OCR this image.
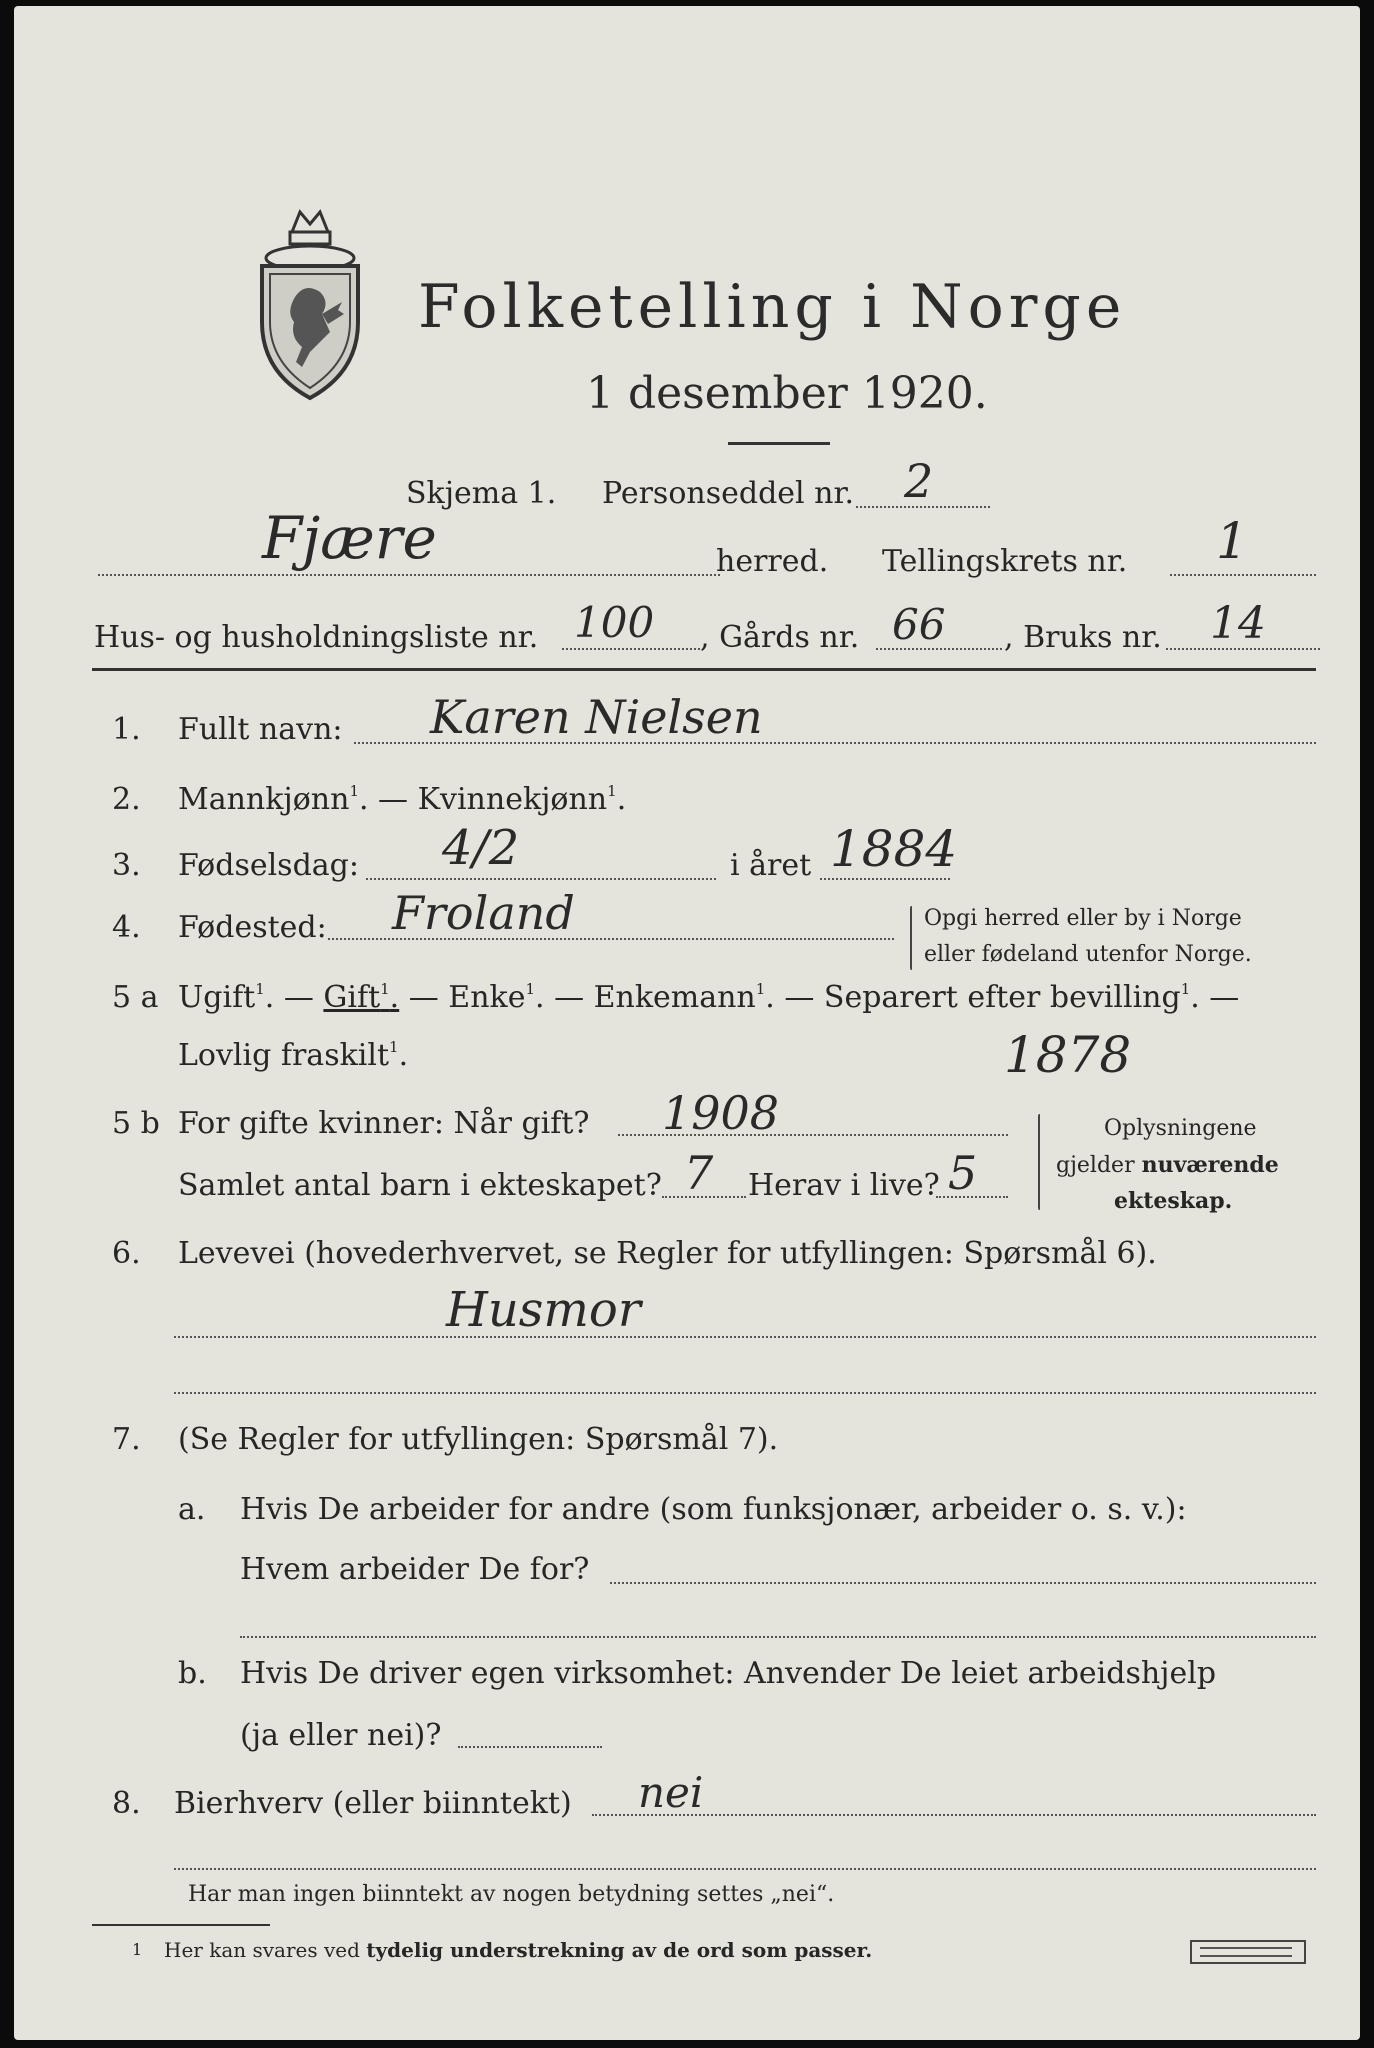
Folketelling i Norge
1 desember 1920.
Skjema 1. Personseddel nr. 2
Fjære	herred. Tellingskrets nr. 1
Hus- og husholdningsliste nr. 100 , Gårds nr. 66 , Bruks nr. 14
1. Fullt navn: Karen Nielsen
2. Mannkjønn$^1$. — Kvinnekjønn$^1$.
3. Fødselsdag: 4/2	i året 1884
4. Fødested: Froland	Opgi herred eller by i Norge
eller fødeland utenfor Norge.
5 a Ugift$^1$. — Gift$^1$. — Enke$^1$. — Enkemann$^1$. — Separert efter bevilling$^1$. —
Lovlig fraskilt$^1$.	1878
5 b For gifte kvinner: Når gift? 1908
Samlet antal barn i ekteskapet? 7 Herav i live? 5
Oplysningene
gjelder nuværende
ekteskap.
6. Levevei (hovederhvervet, se Regler for utfyllingen: Spørsmål 6).
Husmor
7. (Se Regler for utfyllingen: Spørsmål 7).
a. Hvis De arbeider for andre (som funksjonær, arbeider o. s. v.):
Hvem arbeider De for?
b. Hvis De driver egen virksomhet: Anvender De leiet arbeidshjelp
(ja eller nei)?
8. Bierhverv (eller biinntekt) nei
Har man ingen biinntekt av nogen betydning settes „nei“.
1 Her kan svares ved tydelig understrekning av de ord som passer.
